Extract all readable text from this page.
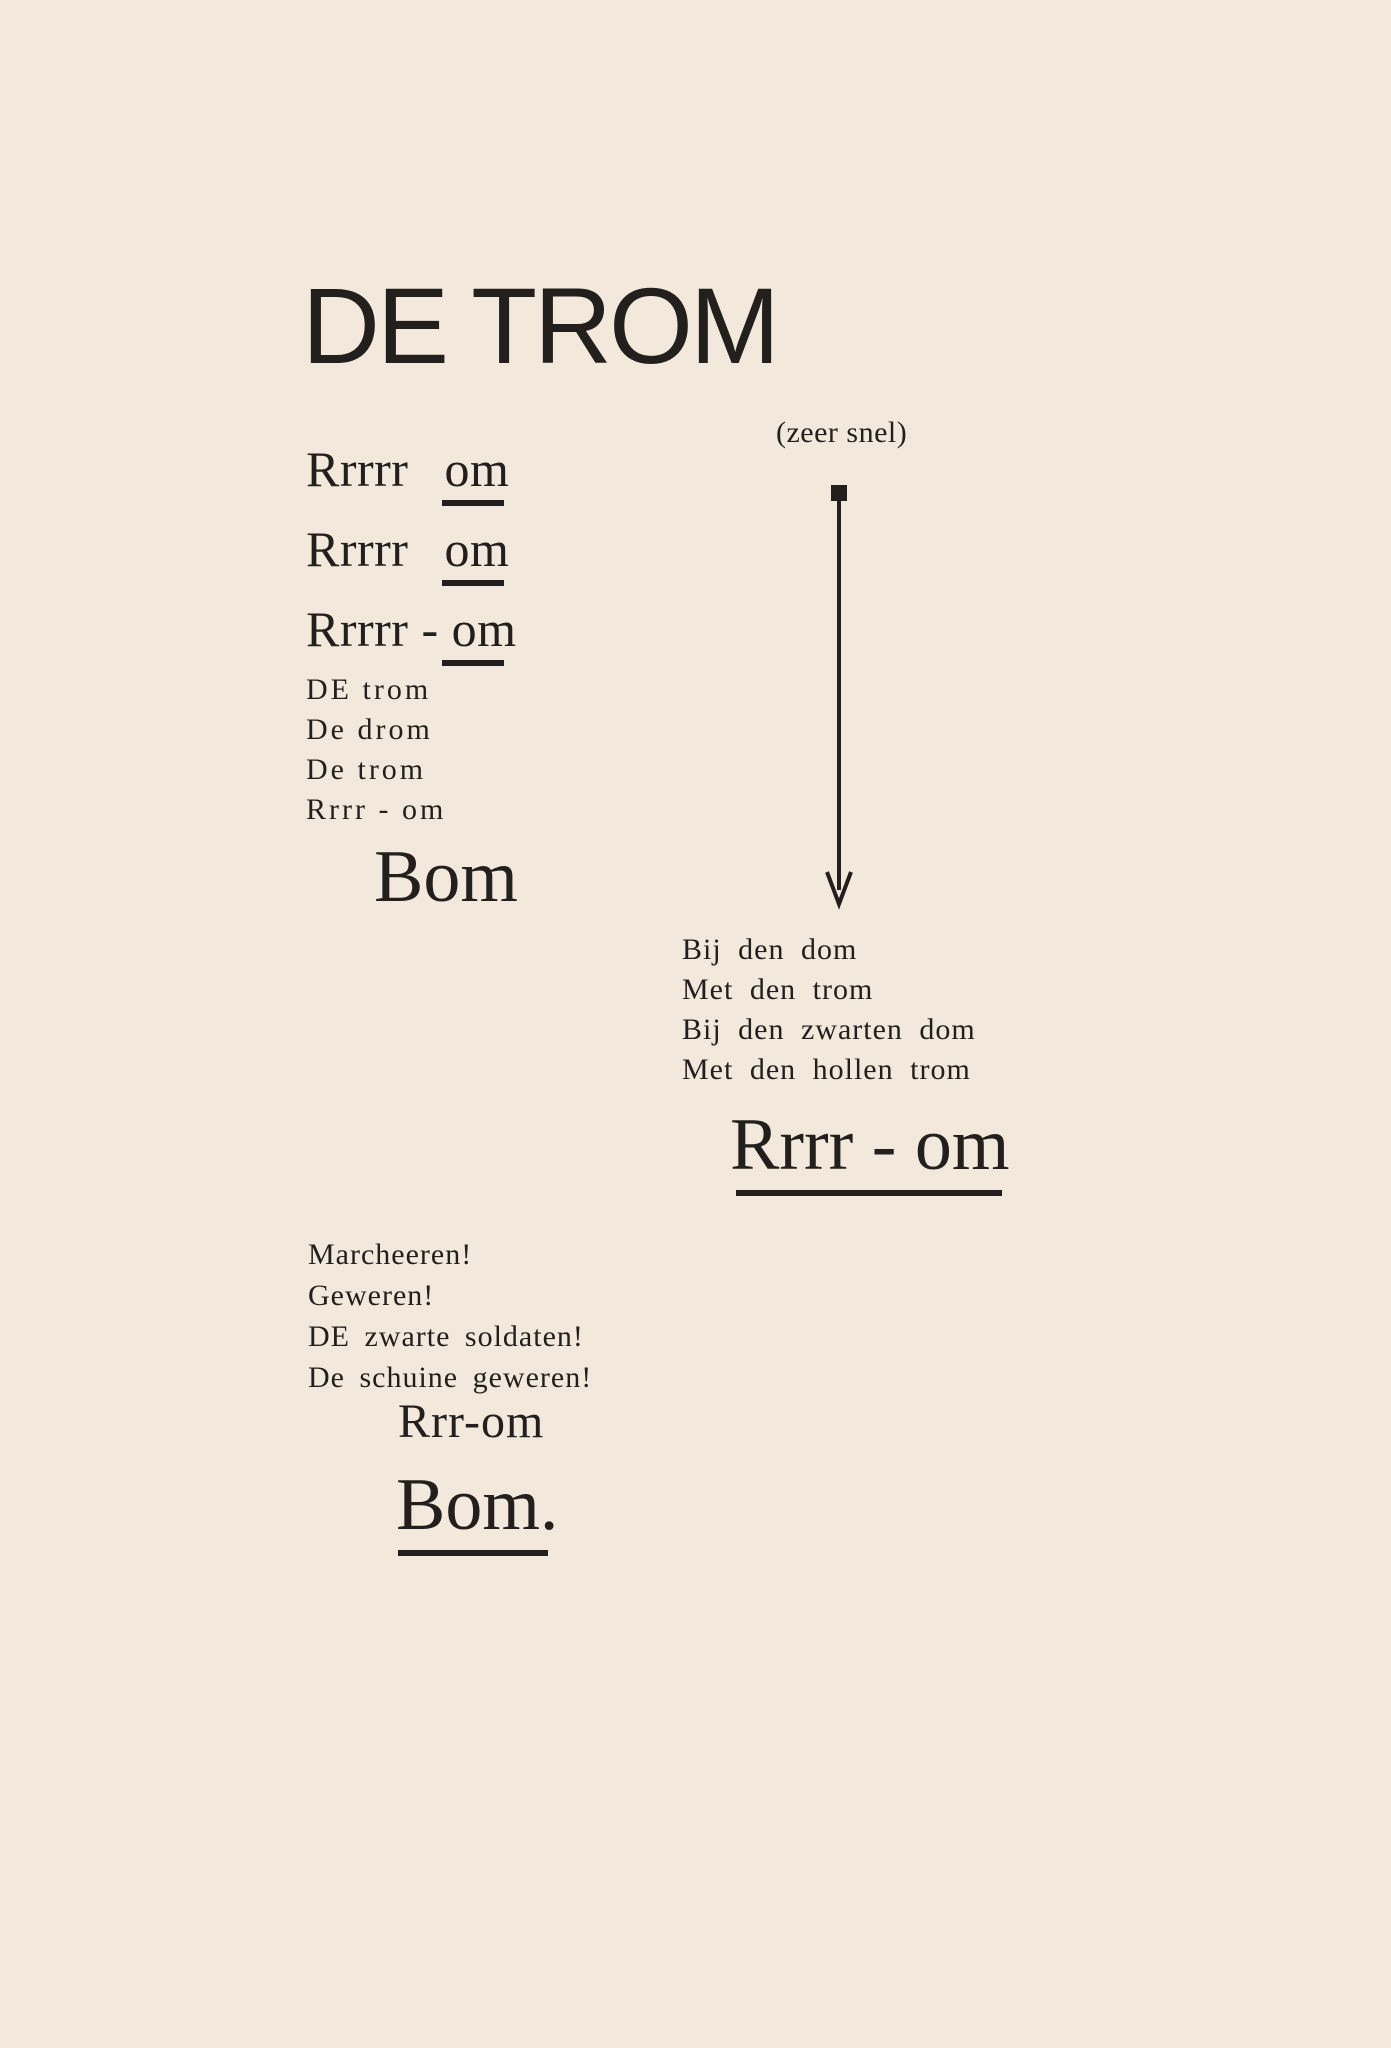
DE TROM
(zeer snel)
Rrrrr om
Rrrrr om
Rrrrr - om
DE trom
De drom
De trom
Rrrr - om
Bom
Bij den dom
Met den trom
Bij den zwarten dom
Met den hollen trom
Rrrr - om
Marcheeren!
Geweren!
DE zwarte soldaten!
De schuine geweren!
Rrr-om
Bom.
